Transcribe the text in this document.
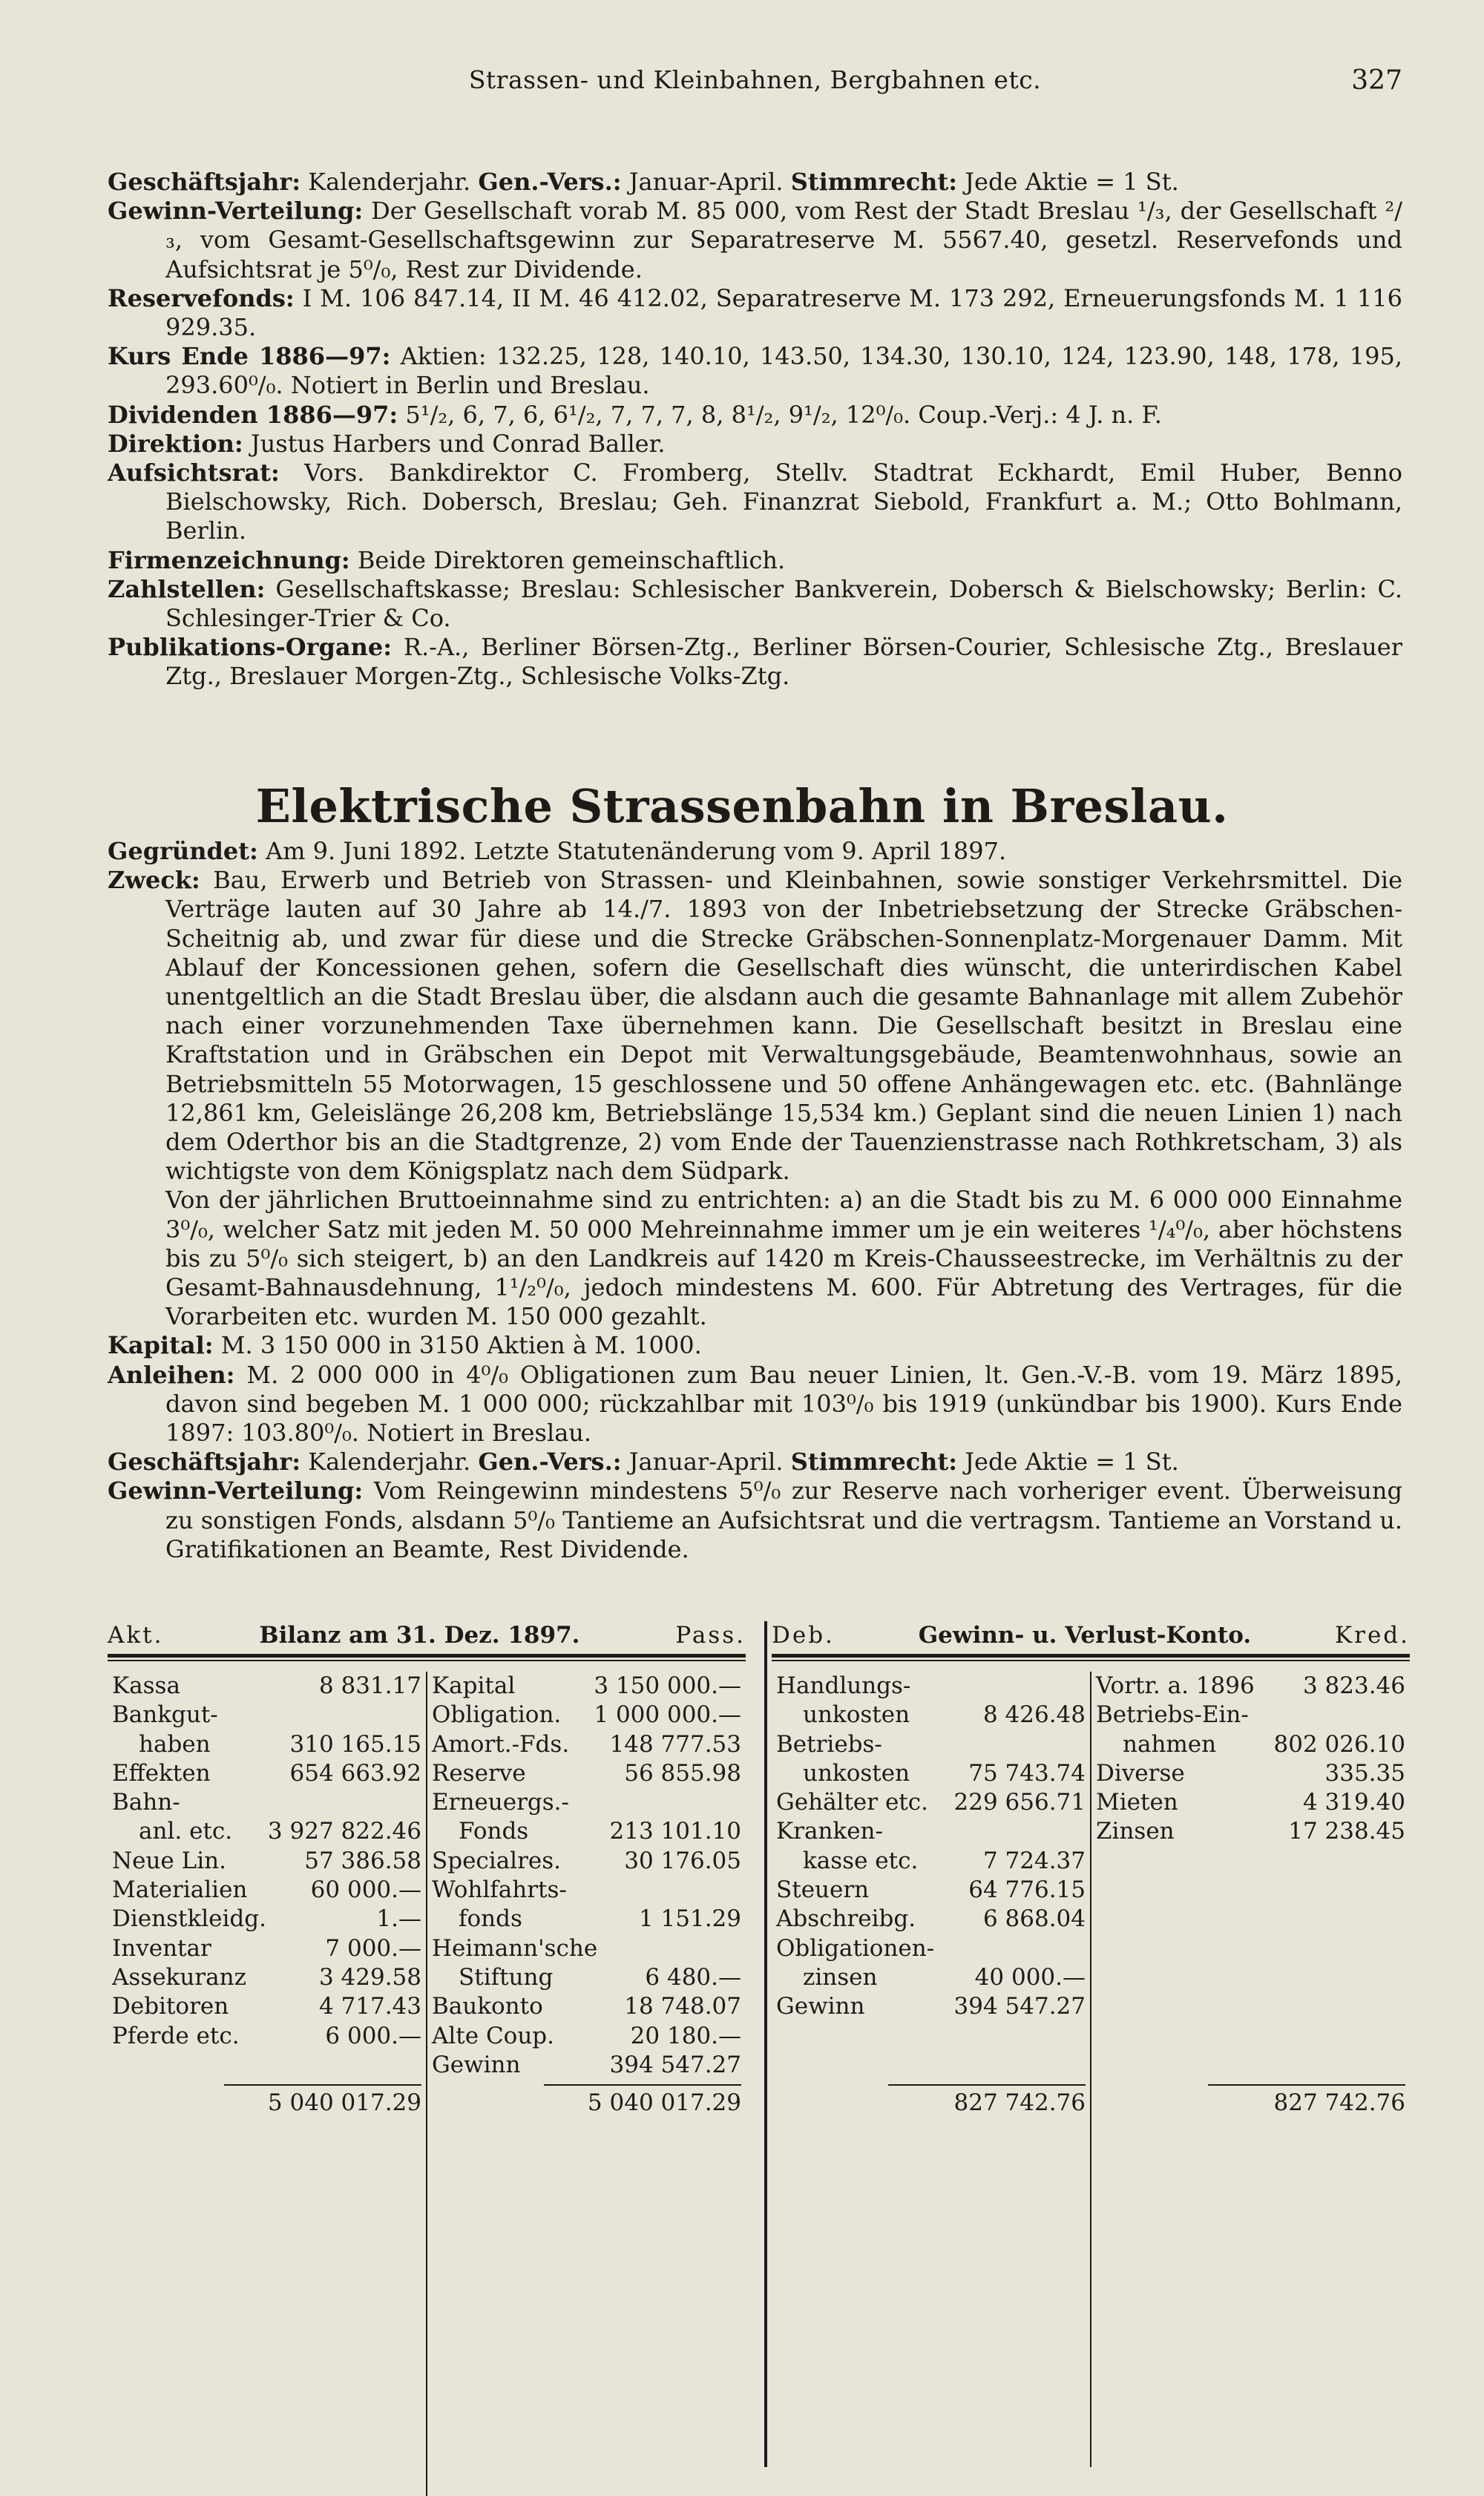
Strassen- und Kleinbahnen, Bergbahnen etc.	327

Geschäftsjahr: Kalenderjahr. Gen.-Vers.: Januar-April. Stimmrecht: Jede Aktie = 1 St.

Gewinn-Verteilung: Der Gesellschaft vorab M. 85 000, vom Rest der Stadt Breslau ¹/₃, der Gesellschaft ²/₃, vom Gesamt-Gesellschaftsgewinn zur Separatreserve M. 5567.40, gesetzl. Reservefonds und Aufsichtsrat je 5⁰/₀, Rest zur Dividende.

Reservefonds: I M. 106 847.14, II M. 46 412.02, Separatreserve M. 173 292, Erneuerungsfonds M. 1 116 929.35.

Kurs Ende 1886—97: Aktien: 132.25, 128, 140.10, 143.50, 134.30, 130.10, 124, 123.90, 148, 178, 195, 293.60⁰/₀. Notiert in Berlin und Breslau.

Dividenden 1886—97: 5¹/₂, 6, 7, 6, 6¹/₂, 7, 7, 7, 8, 8¹/₂, 9¹/₂, 12⁰/₀. Coup.-Verj.: 4 J. n. F.

Direktion: Justus Harbers und Conrad Baller.

Aufsichtsrat: Vors. Bankdirektor C. Fromberg, Stellv. Stadtrat Eckhardt, Emil Huber, Benno Bielschowsky, Rich. Dobersch, Breslau; Geh. Finanzrat Siebold, Frankfurt a. M.; Otto Bohlmann, Berlin.

Firmenzeichnung: Beide Direktoren gemeinschaftlich.

Zahlstellen: Gesellschaftskasse; Breslau: Schlesischer Bankverein, Dobersch & Bielschowsky; Berlin: C. Schlesinger-Trier & Co.

Publikations-Organe: R.-A., Berliner Börsen-Ztg., Berliner Börsen-Courier, Schlesische Ztg., Breslauer Ztg., Breslauer Morgen-Ztg., Schlesische Volks-Ztg.

Elektrische Strassenbahn in Breslau.

Gegründet: Am 9. Juni 1892. Letzte Statutenänderung vom 9. April 1897.

Zweck: Bau, Erwerb und Betrieb von Strassen- und Kleinbahnen, sowie sonstiger Verkehrsmittel. Die Verträge lauten auf 30 Jahre ab 14./7. 1893 von der Inbetriebsetzung der Strecke Gräbschen-Scheitnig ab, und zwar für diese und die Strecke Gräbschen-Sonnenplatz-Morgenauer Damm. Mit Ablauf der Koncessionen gehen, sofern die Gesellschaft dies wünscht, die unterirdischen Kabel unentgeltlich an die Stadt Breslau über, die alsdann auch die gesamte Bahnanlage mit allem Zubehör nach einer vorzunehmenden Taxe übernehmen kann. Die Gesellschaft besitzt in Breslau eine Kraftstation und in Gräbschen ein Depot mit Verwaltungsgebäude, Beamtenwohnhaus, sowie an Betriebsmitteln 55 Motorwagen, 15 geschlossene und 50 offene Anhängewagen etc. etc. (Bahnlänge 12,861 km, Geleislänge 26,208 km, Betriebslänge 15,534 km.) Geplant sind die neuen Linien 1) nach dem Oderthor bis an die Stadtgrenze, 2) vom Ende der Tauenzienstrasse nach Rothkretscham, 3) als wichtigste von dem Königsplatz nach dem Südpark.

Von der jährlichen Bruttoeinnahme sind zu entrichten: a) an die Stadt bis zu M. 6 000 000 Einnahme 3⁰/₀, welcher Satz mit jeden M. 50 000 Mehreinnahme immer um je ein weiteres ¹/₄⁰/₀, aber höchstens bis zu 5⁰/₀ sich steigert, b) an den Landkreis auf 1420 m Kreis-Chausseestrecke, im Verhältnis zu der Gesamt-Bahnausdehnung, 1¹/₂⁰/₀, jedoch mindestens M. 600. Für Abtretung des Vertrages, für die Vorarbeiten etc. wurden M. 150 000 gezahlt.

Kapital: M. 3 150 000 in 3150 Aktien à M. 1000.

Anleihen: M. 2 000 000 in 4⁰/₀ Obligationen zum Bau neuer Linien, lt. Gen.-V.-B. vom 19. März 1895, davon sind begeben M. 1 000 000; rückzahlbar mit 103⁰/₀ bis 1919 (unkündbar bis 1900). Kurs Ende 1897: 103.80⁰/₀. Notiert in Breslau.

Geschäftsjahr: Kalenderjahr. Gen.-Vers.: Januar-April. Stimmrecht: Jede Aktie = 1 St.

Gewinn-Verteilung: Vom Reingewinn mindestens 5⁰/₀ zur Reserve nach vorheriger event. Überweisung zu sonstigen Fonds, alsdann 5⁰/₀ Tantieme an Aufsichtsrat und die vertragsm. Tantieme an Vorstand u. Gratifikationen an Beamte, Rest Dividende.

Akt.	Bilanz am 31. Dez. 1897.	Pass.
Kassa	8 831.17
Bankgut-
haben	310 165.15
Effekten	654 663.92
Bahn-
anl. etc. 3 927 822.46
Neue Lin.	57 386.58
Materialien	60 000.—
Dienstkleidg.	1.—
Inventar	7 000.—
Assekuranz	3 429.58
Debitoren	4 717.43
Pferde etc.	6 000.—
5 040 017.29
Kapital	3 150 000.—
Obligation. 1 000 000.—
Amort.-Fds. 148 777.53
Reserve	56 855.98
Erneuergs.-
Fonds	213 101.10
Specialres.	30 176.05
Wohlfahrts-
fonds	1 151.29
Heimann'sche
Stiftung	6 480.—
Baukonto	18 748.07
Alte Coup.	20 180.—
Gewinn	394 547.27
5 040 017.29
Deb.	Gewinn- u. Verlust-Konto.	Kred.
Handlungs-
unkosten	8 426.48
Betriebs-
unkosten	75 743.74
Gehälter etc. 229 656.71
Kranken-
kasse etc.	7 724.37
Steuern	64 776.15
Abschreibg.	6 868.04
Obligationen-
zinsen	40 000.—
Gewinn	394 547.27
827 742.76
Vortr. a. 1896 3 823.46
Betriebs-Ein-
nahmen 802 026.10
Diverse	335.35
Mieten	4 319.40
Zinsen	17 238.45
827 742.76
